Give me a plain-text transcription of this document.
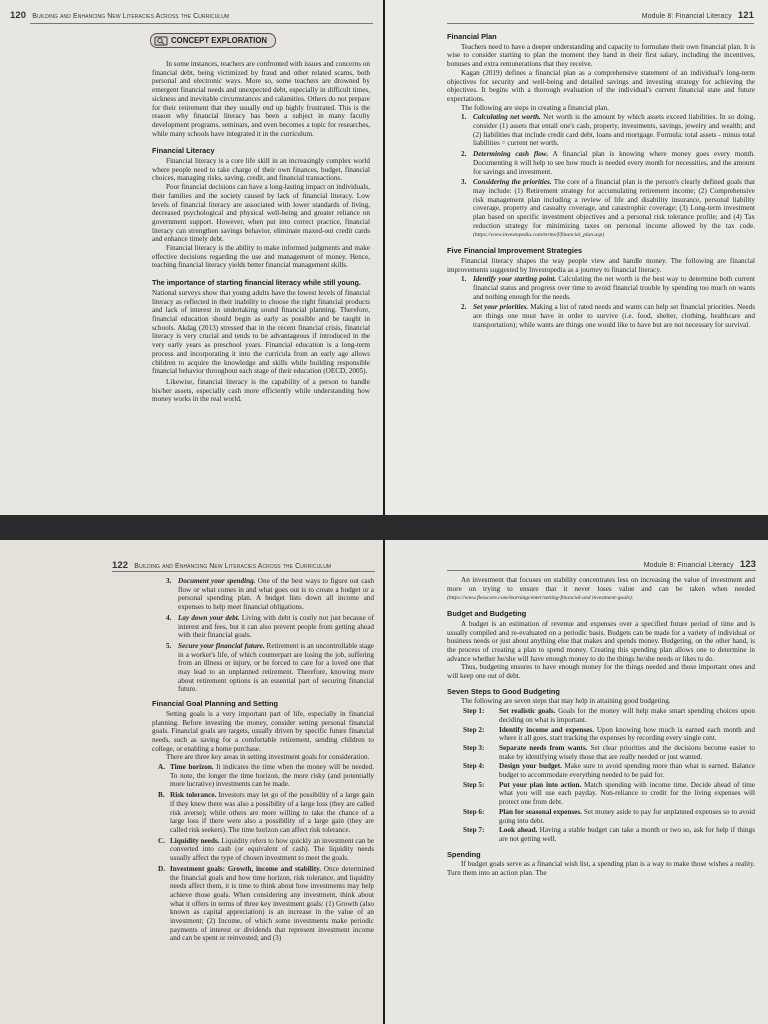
120 Building and Enhancing New Literacies Across the Curriculum
CONCEPT EXPLORATION

In some instances, teachers are confronted with issues and concerns on financial debt, being victimized by fraud and other related scams, both personal and electronic ways. More so, some teachers are drowned by emergent financial needs and unexpected debt, especially in difficult times, sickness and inevitable circumstances and calamities. Others do not prepare for their retirement that they usually end up highly frustrated. This is the reason why financial literacy has been a subject in many faculty development programs, seminars, and even becomes a topic for researches, while many schools have integrated it in the curriculum.

Financial Literacy

Financial literacy is a core life skill in an increasingly complex world where people need to take charge of their own finances, budget, financial choices, managing risks, saving, credit, and financial transactions.

Poor financial decisions can have a long-lasting impact on individuals, their families and the society caused by lack of financial literacy. Low levels of financial literacy are associated with lower standards of living, decreased psychological and physical well-being and greater reliance on government support. However, when put into correct practice, financial literacy can strengthen savings behavior, eliminate maxed-out credit cards and enhance timely debt.

Financial literacy is the ability to make informed judgments and make effective decisions regarding the use and management of money. Hence, teaching financial literacy yields better financial management skills.

The importance of starting financial literacy while still young.

National surveys show that young adults have the lowest levels of financial literacy as reflected in their inability to choose the right financial products and lack of interest in undertaking sound financial planning. Therefore, financial education should begin as early as possible and be taught in schools. Akdag (2013) stressed that in the recent financial crisis, financial literacy is very crucial and tends to be advantageous if introduced in the very early years as preschool years. Financial education is a long-term process and incorporating it into the curricula from an early age allows children to acquire the knowledge and skills while building responsible financial behavior throughout each stage of their education (OECD, 2005).

Likewise, financial literacy is the capability of a person to handle his/her assets, especially cash more efficiently while understanding how money works in the real world.

Module 8: Financial Literacy 121
Financial Plan

Teachers need to have a deeper understanding and capacity to formulate their own financial plan. It is wise to consider starting to plan the moment they hand in their first salary, including the incentives, bonuses and extra remunerations that they receive.

Kagan (2019) defines a financial plan as a comprehensive statement of an individual's long-term objectives for security and well-being and detailed savings and investing strategy for achieving the objectives. It begins with a thorough evaluation of the individual's current financial state and future expectations.

The following are steps in creating a financial plan.

1. Calculating net worth. Net worth is the amount by which assets exceed liabilities. In so doing, consider (1) assets that entail one's cash, property, investments, savings, jewelry and wealth; and (2) liabilities that include credit card debt, loans and mortgage. Formula: total assets - minus total liabilities = current net worth.
2. Determining cash flow. A financial plan is knowing where money goes every month. Documenting it will help to see how much is needed every month for necessities, and the amount for savings and investment.
3. Considering the priorities. The core of a financial plan is the person's clearly defined goals that may include: (1) Retirement strategy for accumulating retirement income; (2) Comprehensive risk management plan including a review of life and disability insurance, personal liability coverage, property and casualty coverage, and catastrophic coverage; (3) Long-term investment plan based on specific investment objectives and a personal risk tolerance profile; and (4) Tax reduction strategy for minimizing taxes on personal income allowed by the tax code. (https://www.investopedia.com/terms/f/financial_plan.asp)
Five Financial Improvement Strategies

Financial literacy shapes the way people view and handle money. The following are financial improvements suggested by Investopedia as a journey to financial literacy.

1. Identify your starting point. Calculating the net worth is the best way to determine both current financial status and progress over time to avoid financial trouble by spending too much on wants and nothing enough for the needs.
2. Set your priorities. Making a list of rated needs and wants can help set financial priorities. Needs are things one must have in order to survive (i.e. food, shelter, clothing, healthcare and transportation); while wants are things one would like to have but are not necessary for survival.
122 Building and Enhancing New Literacies Across the Curriculum
3. Document your spending. One of the best ways to figure out cash flow or what comes in and what goes out is to create a budget or a personal spending plan. A budget lists down all income and expenses to help meet financial obligations.
4. Lay down your debt. Living with debt is costly not just because of interest and fees, but it can also prevent people from getting ahead with their financial goals.
5. Secure your financial future. Retirement is an uncontrollable stage in a worker's life, of which counterpart are losing the job, suffering from an illness or injury, or be forced to care for a loved one that may lead to an unplanned retirement. Therefore, knowing more about retirement options is an essential part of securing financial future.
Financial Goal Planning and Setting

Setting goals is a very important part of life, especially in financial planning. Before investing the money, consider setting personal financial goals. Financial goals are targets, usually driven by specific future financial needs, such as saving for a comfortable retirement, sending children to college, or enabling a home purchase.

There are three key areas in setting investment goals for consideration.

A. Time horizon. It indicates the time when the money will be needed. To note, the longer the time horizon, the more risky (and potentially more lucrative) investments can be made.
B. Risk tolerance. Investors may let go of the possibility of a large gain if they knew there was also a possibility of a large loss (they are called risk averse); while others are more willing to take the chance of a large loss if there were also a possibility of a large gain (they are called risk seekers). The time horizon can affect risk tolerance.
C. Liquidity needs. Liquidity refers to how quickly an investment can be converted into cash (or equivalent of cash). The liquidity needs usually affect the type of chosen investment to meet the goals.
D. Investment goals: Growth, income and stability. Once determined the financial goals and how time horizon, risk tolerance, and liquidity needs affect them, it is time to think about how investments may help achieve those goals. When considering any investment, think about what it offers in terms of three key investment goals: (1) Growth (also known as capital appreciation) is an increase in the value of an investment; (2) Income, of which some investments make periodic payments of interest or dividends that represent investment income and can be spent or reinvested; and (3)
Module 8: Financial Literacy 123

An investment that focuses on stability concentrates less on increasing the value of investment and more on trying to ensure that it never loses value and can be taken when needed (https://www.flexscore.com/learningcenter/setting-financial-and investment-goals).

Budget and Budgeting

A budget is an estimation of revenue and expenses over a specified future period of time and is usually compiled and re-evaluated on a periodic basis. Budgets can be made for a variety of individual or business needs or just about anything else that makes and spends money. Budgeting, on the other hand, is the process of creating a plan to spend money. Creating this spending plan allows one to determine in advance whether he/she will have enough money to do the things he/she needs or likes to do.

Thus, budgeting ensures to have enough money for the things needed and those important ones and will keep one out of debt.

Seven Steps to Good Budgeting

The following are seven steps that may help in attaining good budgeting.

Step 1: Set realistic goals. Goals for the money will help make smart spending choices upon deciding on what is important.
Step 2: Identify income and expenses. Upon knowing how much is earned each month and where it all goes, start tracking the expenses by recording every single cent.
Step 3: Separate needs from wants. Set clear priorities and the decisions become easier to make by identifying wisely those that are really needed or just wanted.
Step 4: Design your budget. Make sure to avoid spending more than what is earned. Balance budget to accommodate everything needed to be paid for.
Step 5: Put your plan into action. Match spending with income time. Decide ahead of time what you will use each payday. Non-reliance to credit for the living expenses will protect one from debt.
Step 6: Plan for seasonal expenses. Set money aside to pay for unplanned expenses so to avoid going into debt.
Step 7: Look ahead. Having a stable budget can take a month or two so, ask for help if things are not getting well.
Spending

If budget goals serve as a financial wish list, a spending plan is a way to make those wishes a reality. Turn them into an action plan. The
